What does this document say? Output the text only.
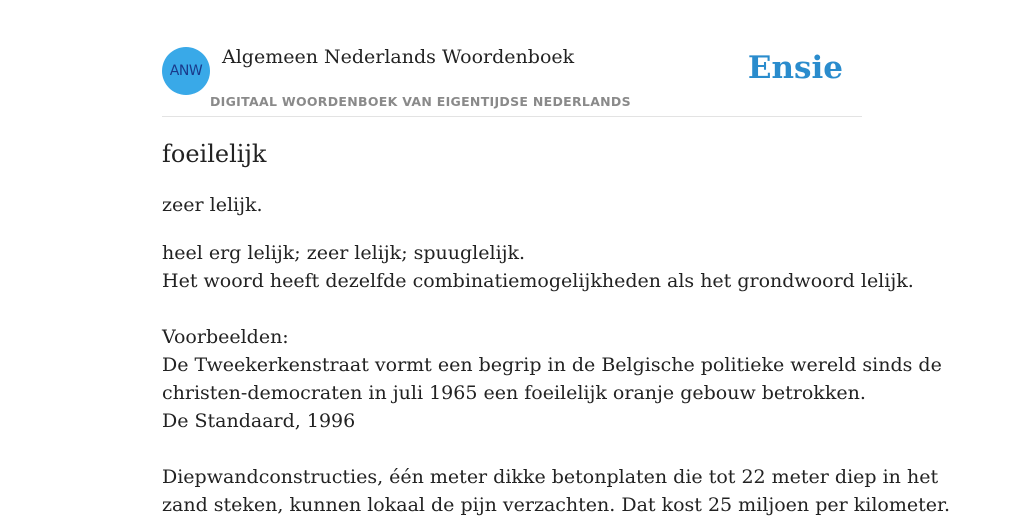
ANW
Algemeen Nederlands Woordenboek
DIGITAAL WOORDENBOEK VAN EIGENTIJDSE NEDERLANDS
Ensie
foeilelijk
zeer lelijk.
heel erg lelijk; zeer lelijk; spuuglelijk.
Het woord heeft dezelfde combinatiemogelijkheden als het grondwoord lelijk.
Voorbeelden:
De Tweekerkenstraat vormt een begrip in de Belgische politieke wereld sinds de
christen-democraten in juli 1965 een foeilelijk oranje gebouw betrokken.
De Standaard, 1996
Diepwandconstructies, één meter dikke betonplaten die tot 22 meter diep in het
zand steken, kunnen lokaal de pijn verzachten. Dat kost 25 miljoen per kilometer.
